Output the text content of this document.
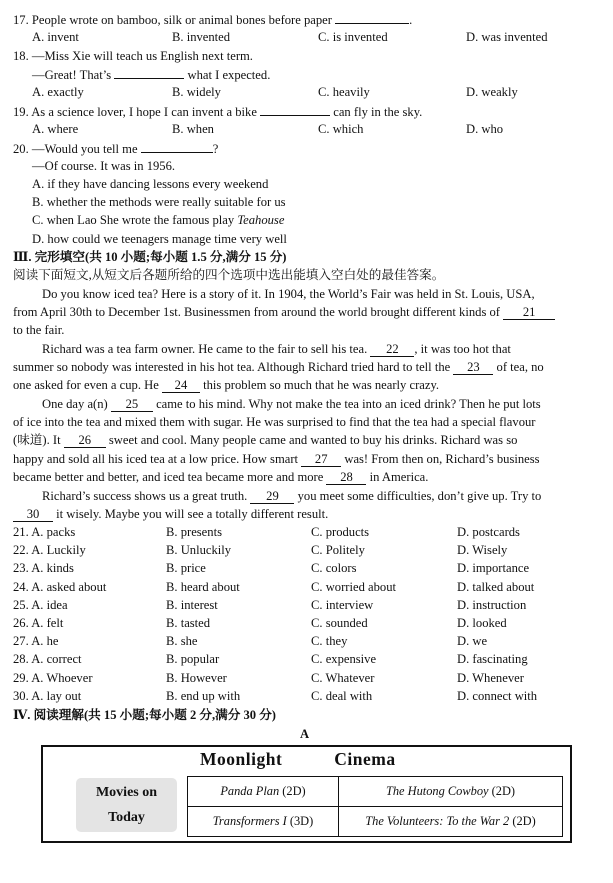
17. People wrote on bamboo, silk or animal bones before paper	.
A. invent	B. invented	C. is invented	D. was invented
18. —Miss Xie will teach us English next term.
—Great! That’s	what I expected.
A. exactly	B. widely	C. heavily	D. weakly
19. As a science lover, I hope I can invent a bike	can fly in the sky.
A. where	B. when	C. which	D. who
20. —Would you tell me	?
—Of course. It was in 1956.
A. if they have dancing lessons every weekend
B. whether the methods were really suitable for us
C. when Lao She wrote the famous play Teahouse
D. how could we teenagers manage time very well
Ⅲ. 完形填空(共 10 小题;每小题 1.5 分,满分 15 分)
阅读下面短文,从短文后各题所给的四个选项中选出能填入空白处的最佳答案。
Do you know iced tea? Here is a story of it. In 1904, the World’s Fair was held in St. Louis, USA,
from April 30th to December 1st. Businessmen from around the world brought different kinds of 21
to the fair.
Richard was a tea farm owner. He came to the fair to sell his tea. 22 , it was too hot that
summer so nobody was interested in his hot tea. Although Richard tried hard to tell the 23 of tea, no
one asked for even a cup. He 24 this problem so much that he was nearly crazy.
One day a(n) 25 came to his mind. Why not make the tea into an iced drink? Then he put lots
of ice into the tea and mixed them with sugar. He was surprised to find that the tea had a special flavour
(味道). It 26 sweet and cool. Many people came and wanted to buy his drinks. Richard was so
happy and sold all his iced tea at a low price. How smart 27 was! From then on, Richard’s business
became better and better, and iced tea became more and more 28 in America.
Richard’s success shows us a great truth. 29 you meet some difficulties, don’t give up. Try to
30 it wisely. Maybe you will see a totally different result.
21. A. packs	B. presents	C. products	D. postcards
22. A. Luckily	B. Unluckily	C. Politely	D. Wisely
23. A. kinds	B. price	C. colors	D. importance
24. A. asked about	B. heard about	C. worried about	D. talked about
25. A. idea	B. interest	C. interview	D. instruction
26. A. felt	B. tasted	C. sounded	D. looked
27. A. he	B. she	C. they	D. we
28. A. correct	B. popular	C. expensive	D. fascinating
29. A. Whoever	B. However	C. Whatever	D. Whenever
30. A. lay out	B. end up with	C. deal with	D. connect with
Ⅳ. 阅读理解(共 15 小题;每小题 2 分,满分 30 分)
A
Moonlight	Cinema
Movies on
Today
Panda Plan (2D)	The Hutong Cowboy (2D)
Transformers I (3D)	The Volunteers: To the War 2 (2D)
